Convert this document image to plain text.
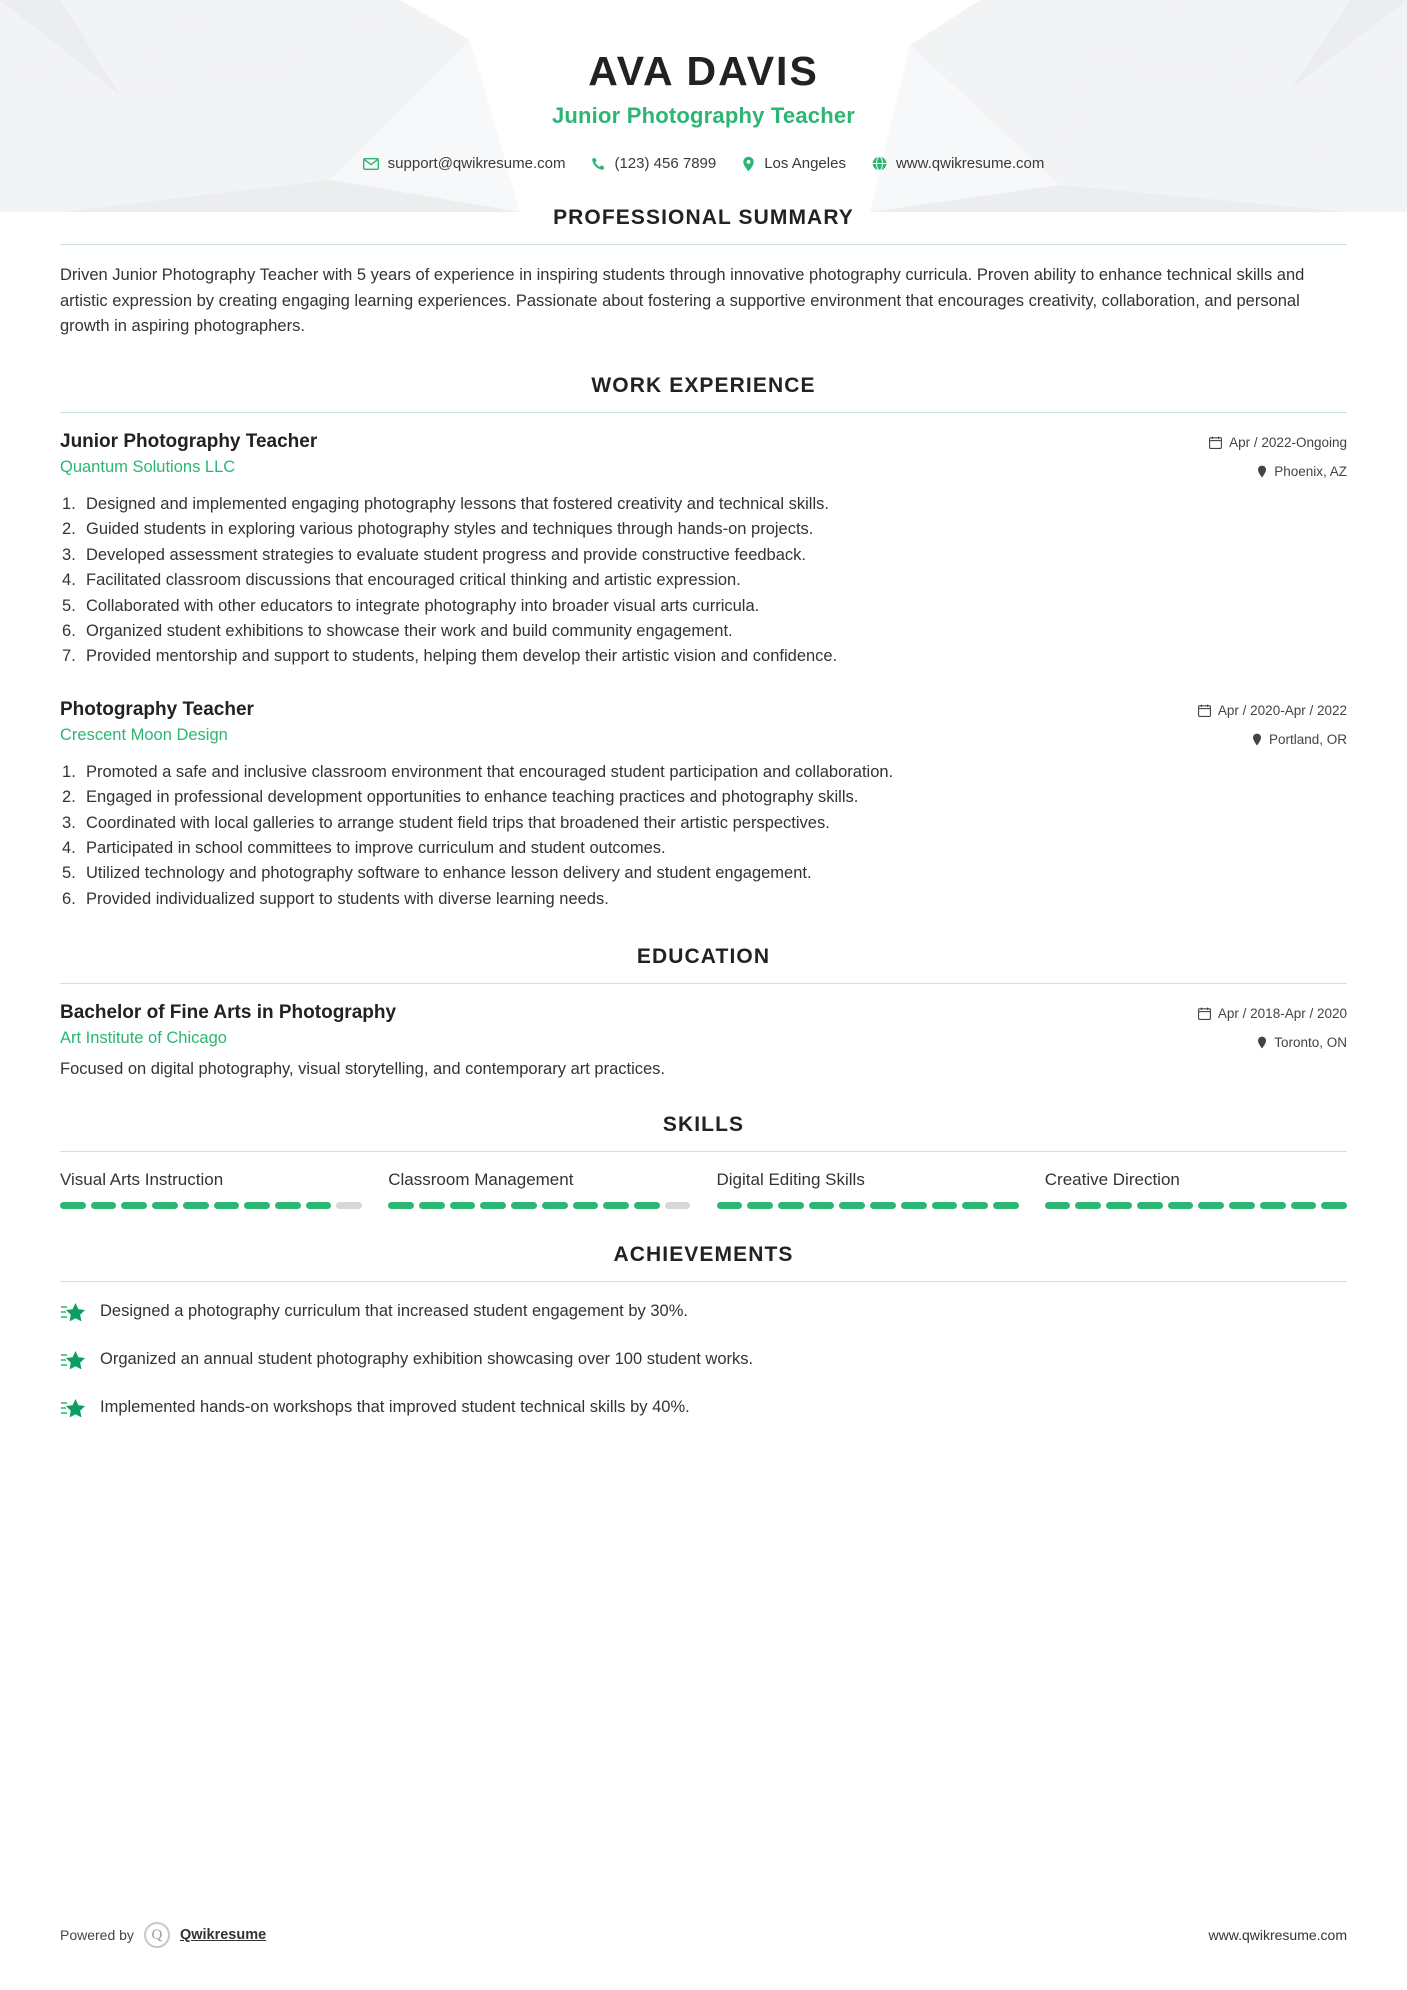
AVA DAVIS
Junior Photography Teacher
support@qwikresume.com	(123) 456 7899	Los Angeles	www.qwikresume.com
PROFESSIONAL SUMMARY
Driven Junior Photography Teacher with 5 years of experience in inspiring students through innovative photography curricula. Proven ability to enhance technical skills and artistic expression by creating engaging learning experiences. Passionate about fostering a supportive environment that encourages creativity, collaboration, and personal growth in aspiring photographers.
WORK EXPERIENCE
Junior Photography Teacher
Quantum Solutions LLC
Apr / 2022-Ongoing
Phoenix, AZ
Designed and implemented engaging photography lessons that fostered creativity and technical skills.
Guided students in exploring various photography styles and techniques through hands-on projects.
Developed assessment strategies to evaluate student progress and provide constructive feedback.
Facilitated classroom discussions that encouraged critical thinking and artistic expression.
Collaborated with other educators to integrate photography into broader visual arts curricula.
Organized student exhibitions to showcase their work and build community engagement.
Provided mentorship and support to students, helping them develop their artistic vision and confidence.
Photography Teacher
Crescent Moon Design
Apr / 2020-Apr / 2022
Portland, OR
Promoted a safe and inclusive classroom environment that encouraged student participation and collaboration.
Engaged in professional development opportunities to enhance teaching practices and photography skills.
Coordinated with local galleries to arrange student field trips that broadened their artistic perspectives.
Participated in school committees to improve curriculum and student outcomes.
Utilized technology and photography software to enhance lesson delivery and student engagement.
Provided individualized support to students with diverse learning needs.
EDUCATION
Bachelor of Fine Arts in Photography
Art Institute of Chicago
Apr / 2018-Apr / 2020
Toronto, ON
Focused on digital photography, visual storytelling, and contemporary art practices.
SKILLS
Visual Arts Instruction	Classroom Management	Digital Editing Skills	Creative Direction
ACHIEVEMENTS
Designed a photography curriculum that increased student engagement by 30%.
Organized an annual student photography exhibition showcasing over 100 student works.
Implemented hands-on workshops that improved student technical skills by 40%.
Powered by	Q	Qwikresume	www.qwikresume.com
